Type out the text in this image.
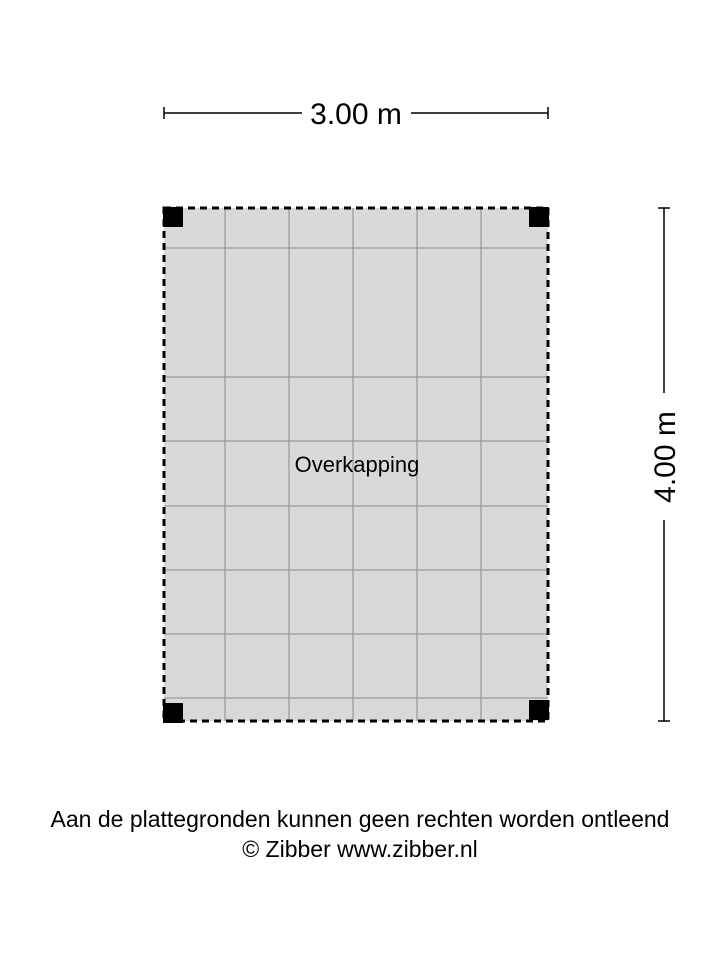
3.00 m
4.00 m
Overkapping
Aan de plattegronden kunnen geen rechten worden ontleend
© Zibber www.zibber.nl
